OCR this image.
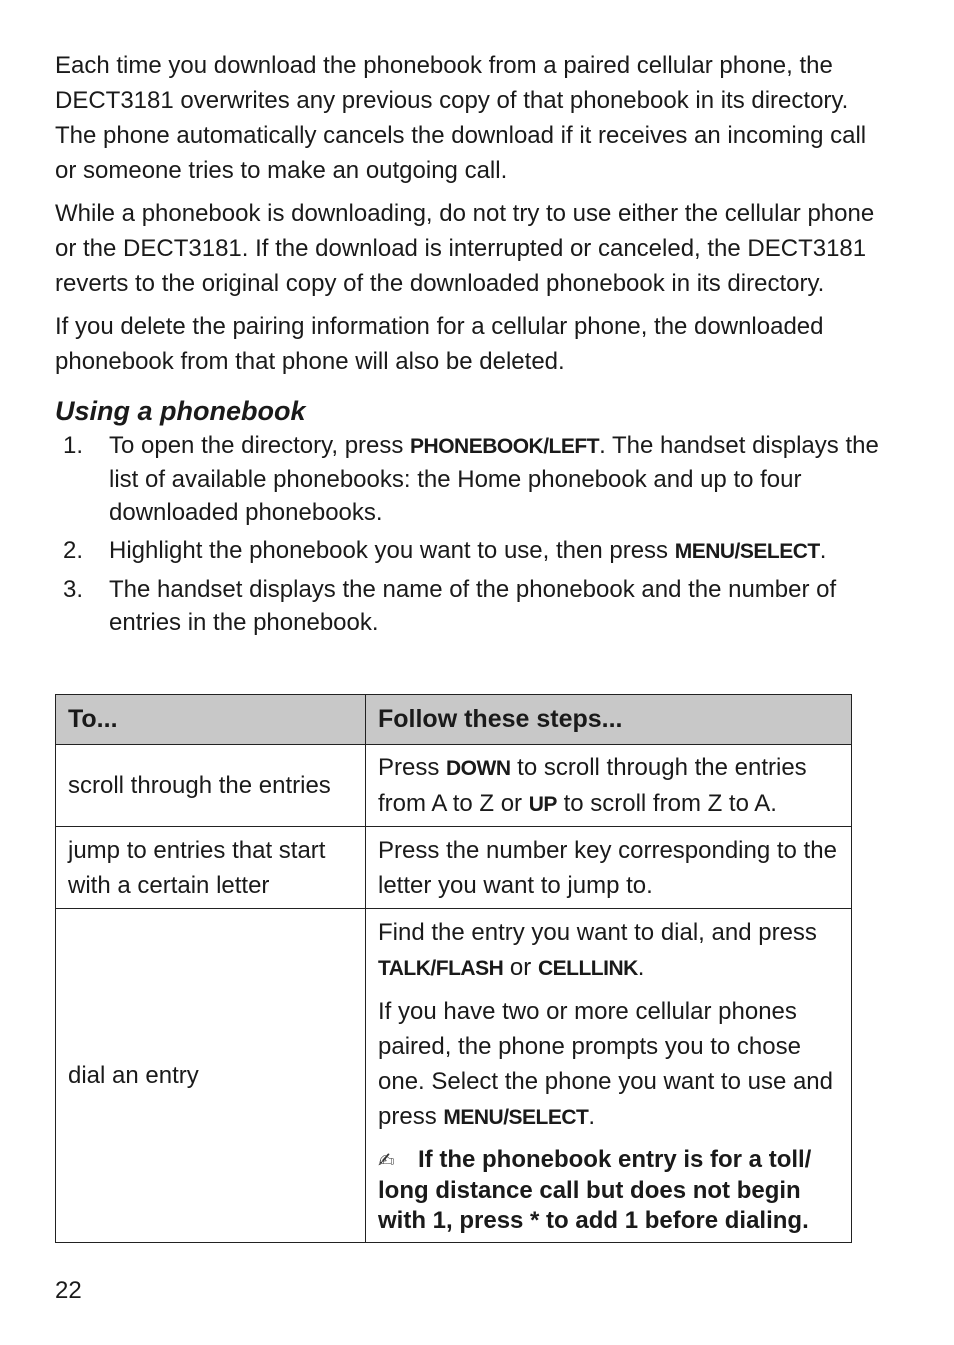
Each time you download the phonebook from a paired cellular phone, the DECT3181 overwrites any previous copy of that phonebook in its directory. The phone automatically cancels the download if it receives an incoming call or someone tries to make an outgoing call.

While a phonebook is downloading, do not try to use either the cellular phone or the DECT3181. If the download is interrupted or canceled, the DECT3181 reverts to the original copy of the downloaded phonebook in its directory.

If you delete the pairing information for a cellular phone, the downloaded phonebook from that phone will also be deleted.

Using a phonebook
1. To open the directory, press PHONEBOOK/LEFT. The handset displays the list of available phonebooks: the Home phonebook and up to four downloaded phonebooks.
2. Highlight the phonebook you want to use, then press MENU/SELECT.
3. The handset displays the name of the phonebook and the number of entries in the phonebook.
To...	Follow these steps...
scroll through the entries	Press DOWN to scroll through the entries from A to Z or UP to scroll from Z to A.
jump to entries that start with a certain letter	Press the number key corresponding to the letter you want to jump to.
dial an entry	Find the entry you want to dial, and press TALK/FLASH or CELLLINK.

If you have two or more cellular phones paired, the phone prompts you to chose one. Select the phone you want to use and press MENU/SELECT.

✍ If the phonebook entry is for a toll/ long distance call but does not begin with 1, press * to add 1 before dialing.

22
